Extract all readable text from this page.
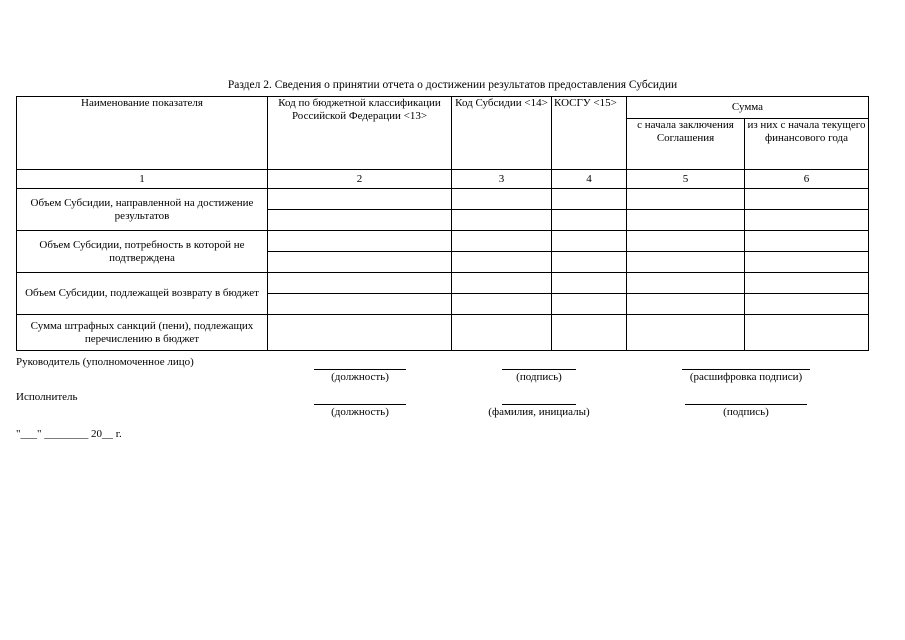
Раздел 2. Сведения о принятии отчета о достижении результатов предоставления Субсидии
Наименование показателя	Код по бюджетной классификации Российской Федерации <13>	Код Субсидии <14>	КОСГУ <15>	Сумма	
				с начала заключения Соглашения	из них с начала текущего финансового года
1	2	3	4	5	6
Объем Субсидии, направленной на достижение результатов					

Объем Субсидии, потребность в которой не подтверждена					

Объем Субсидии, подлежащей возврату в бюджет					

Сумма штрафных санкций (пени), подлежащих перечислению в бюджет					
Руководитель (уполномоченное лицо)
(должность)	(подпись)	(расшифровка подписи)
Исполнитель
(должность)	(фамилия, инициалы)	(подпись)
"___" ________ 20__ г.
